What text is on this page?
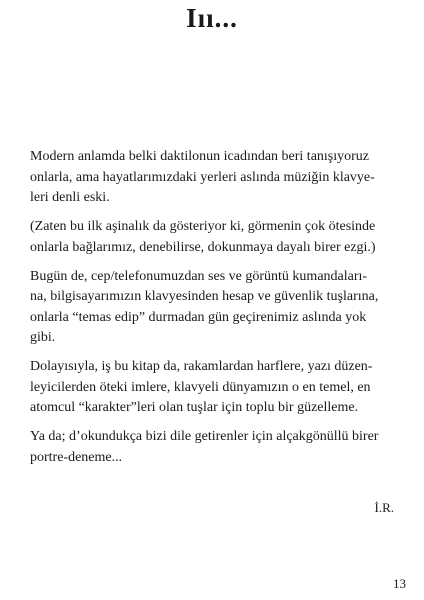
Iıı...

Modern anlamda belki daktilonun icadından beri tanışıyoruz
onlarla, ama hayatlarımızdaki yerleri aslında müziğin klavye-
leri denli eski.

(Zaten bu ilk aşinalık da gösteriyor ki, görmenin çok ötesinde
onlarla bağlarımız, denebilirse, dokunmaya dayalı birer ezgi.)

Bugün de, cep/telefonumuzdan ses ve görüntü kumandaları-
na, bilgisayarımızın klavyesinden hesap ve güvenlik tuşlarına,
onlarla “temas edip” durmadan gün geçirenimiz aslında yok
gibi.

Dolayısıyla, iş bu kitap da, rakamlardan harflere, yazı düzen-
leyicilerden öteki imlere, klavyeli dünyamızın o en temel, en
atomcul “karakter”leri olan tuşlar için toplu bir güzelleme.

Ya da; d’okundukça bizi dile getirenler için alçakgönüllü birer
portre-deneme...

İ.R.
13
